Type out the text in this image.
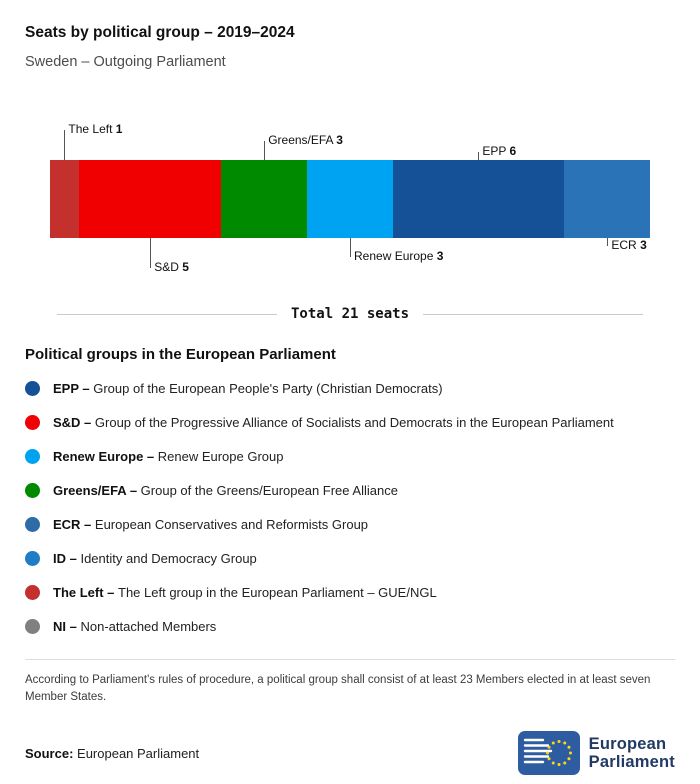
Seats by political group – 2019–2024

Sweden – Outgoing Parliament

The Left 1
S&D 5
Greens/EFA 3
Renew Europe 3
EPP 6
ECR 3
Total 21 seats
Political groups in the European Parliament
EPP – Group of the European People's Party (Christian Democrats)
S&D – Group of the Progressive Alliance of Socialists and Democrats in the European Parliament
Renew Europe – Renew Europe Group
Greens/EFA – Group of the Greens/European Free Alliance
ECR – European Conservatives and Reformists Group
ID – Identity and Democracy Group
The Left – The Left group in the European Parliament – GUE/NGL
NI – Non-attached Members

According to Parliament's rules of procedure, a political group shall consist of at least 23 Members elected in at least seven Member States.

Source: European Parliament
European
Parliament
